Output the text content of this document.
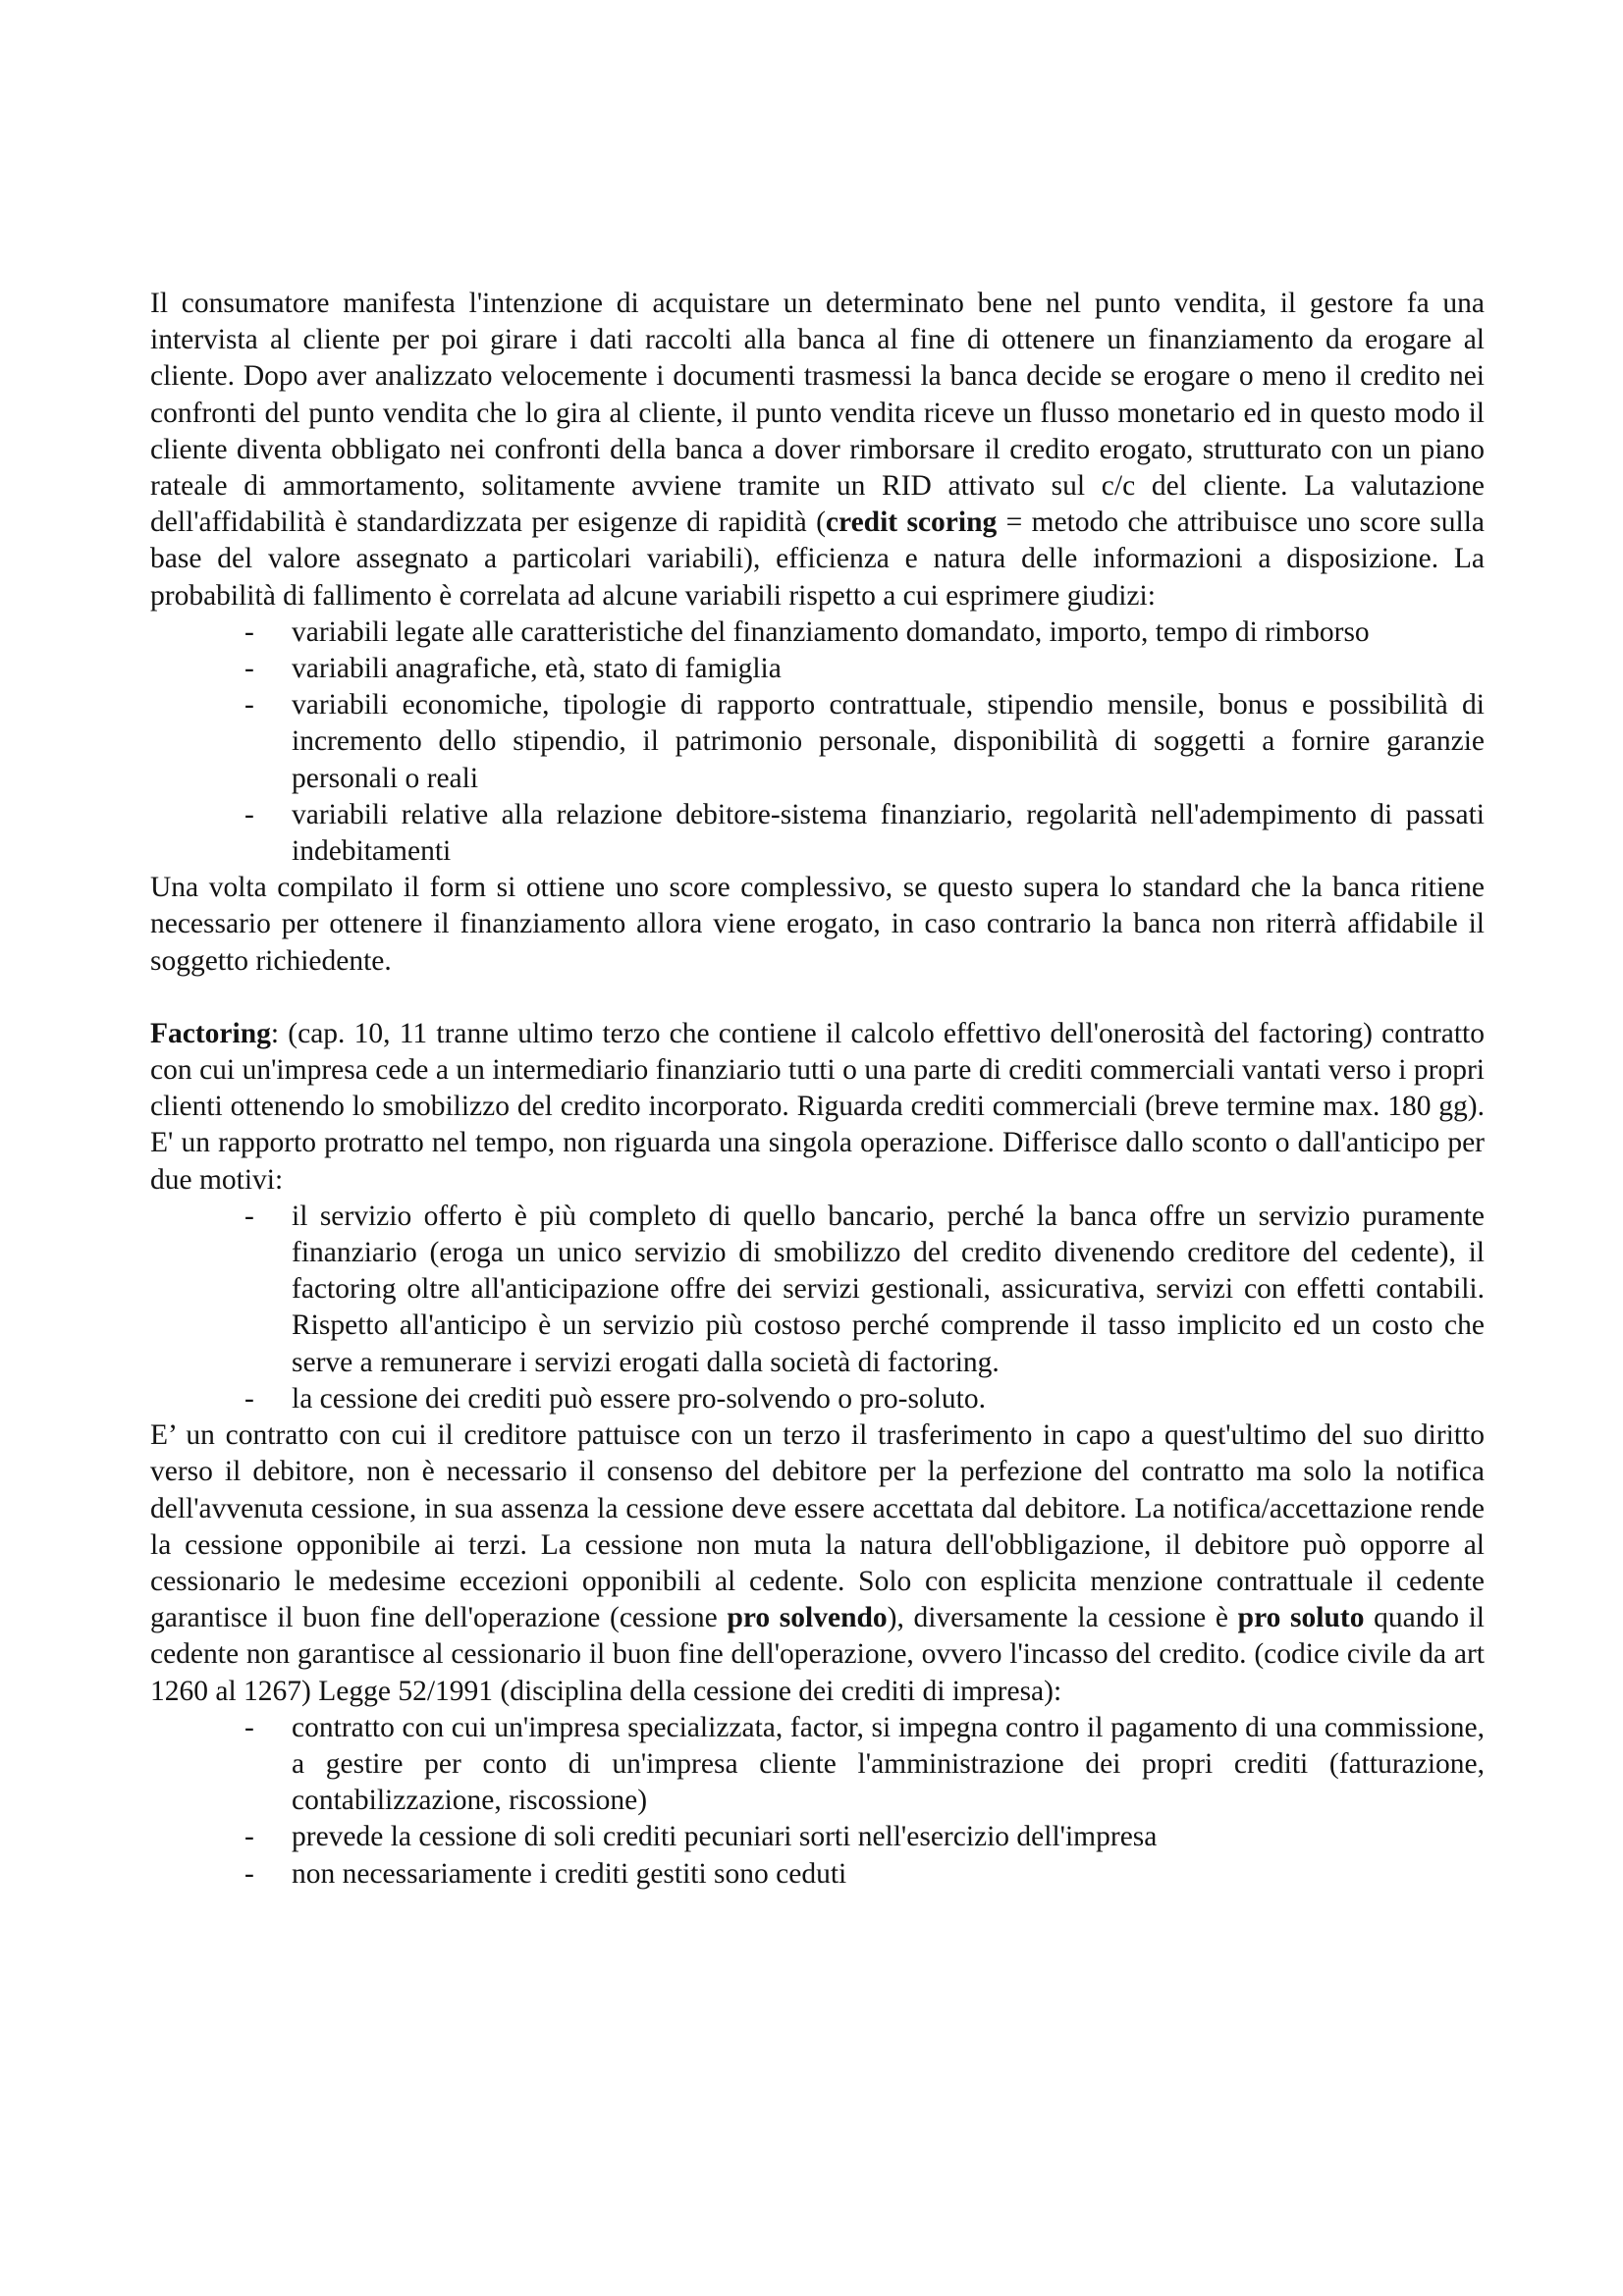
Il consumatore manifesta l'intenzione di acquistare un determinato bene nel punto vendita, il gestore fa una intervista al cliente per poi girare i dati raccolti alla banca al fine di ottenere un finanziamento da erogare al cliente. Dopo aver analizzato velocemente i documenti trasmessi la banca decide se erogare o meno il credito nei confronti del punto vendita che lo gira al cliente, il punto vendita riceve un flusso monetario ed in questo modo il cliente diventa obbligato nei confronti della banca a dover rimborsare il credito erogato, strutturato con un piano rateale di ammortamento, solitamente avviene tramite un RID attivato sul c/c del cliente. La valutazione dell'affidabilità è standardizzata per esigenze di rapidità (credit scoring = metodo che attribuisce uno score sulla base del valore assegnato a particolari variabili), efficienza e natura delle informazioni a disposizione. La probabilità di fallimento è correlata ad alcune variabili rispetto a cui esprimere giudizi:

- variabili legate alle caratteristiche del finanziamento domandato, importo, tempo di rimborso
- variabili anagrafiche, età, stato di famiglia
- variabili economiche, tipologie di rapporto contrattuale, stipendio mensile, bonus e possibilità di incremento dello stipendio, il patrimonio personale, disponibilità di soggetti a fornire garanzie personali o reali
- variabili relative alla relazione debitore-sistema finanziario, regolarità nell'adempimento di passati indebitamenti

Una volta compilato il form si ottiene uno score complessivo, se questo supera lo standard che la banca ritiene necessario per ottenere il finanziamento allora viene erogato, in caso contrario la banca non riterrà affidabile il soggetto richiedente.

Factoring: (cap. 10, 11 tranne ultimo terzo che contiene il calcolo effettivo dell'onerosità del factoring) contratto con cui un'impresa cede a un intermediario finanziario tutti o una parte di crediti commerciali vantati verso i propri clienti ottenendo lo smobilizzo del credito incorporato. Riguarda crediti commerciali (breve termine max. 180 gg). E' un rapporto protratto nel tempo, non riguarda una singola operazione. Differisce dallo sconto o dall'anticipo per due motivi:

- il servizio offerto è più completo di quello bancario, perché la banca offre un servizio puramente finanziario (eroga un unico servizio di smobilizzo del credito divenendo creditore del cedente), il factoring oltre all'anticipazione offre dei servizi gestionali, assicurativa, servizi con effetti contabili. Rispetto all'anticipo è un servizio più costoso perché comprende il tasso implicito ed un costo che serve a remunerare i servizi erogati dalla società di factoring.
- la cessione dei crediti può essere pro-solvendo o pro-soluto.

E’ un contratto con cui il creditore pattuisce con un terzo il trasferimento in capo a quest'ultimo del suo diritto verso il debitore, non è necessario il consenso del debitore per la perfezione del contratto ma solo la notifica dell'avvenuta cessione, in sua assenza la cessione deve essere accettata dal debitore. La notifica/accettazione rende la cessione opponibile ai terzi. La cessione non muta la natura dell'obbligazione, il debitore può opporre al cessionario le medesime eccezioni opponibili al cedente. Solo con esplicita menzione contrattuale il cedente garantisce il buon fine dell'operazione (cessione pro solvendo), diversamente la cessione è pro soluto quando il cedente non garantisce al cessionario il buon fine dell'operazione, ovvero l'incasso del credito. (codice civile da art 1260 al 1267) Legge 52/1991 (disciplina della cessione dei crediti di impresa):

- contratto con cui un'impresa specializzata, factor, si impegna contro il pagamento di una commissione, a gestire per conto di un'impresa cliente l'amministrazione dei propri crediti (fatturazione, contabilizzazione, riscossione)
- prevede la cessione di soli crediti pecuniari sorti nell'esercizio dell'impresa
- non necessariamente i crediti gestiti sono ceduti
